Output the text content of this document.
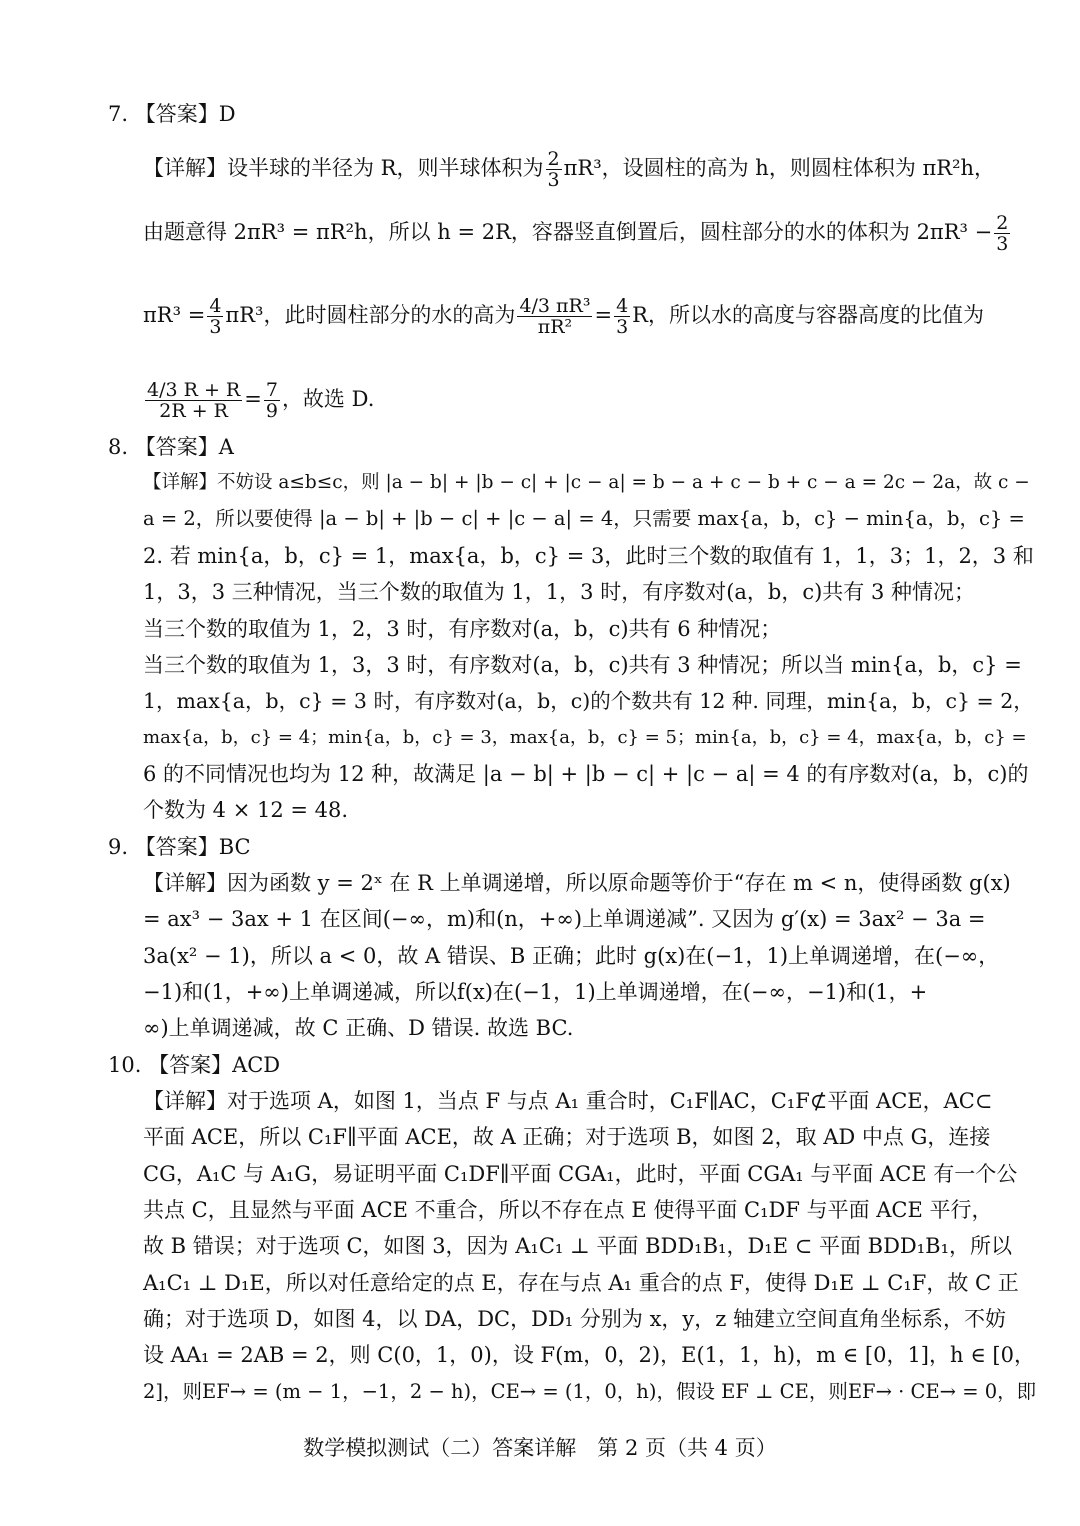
7. 【答案】D
【详解】设半球的半径为 R，则半球体积为 $\frac{2}{3} \pi R^3$，设圆柱的高为 h，则圆柱体积为 πR²h，
由题意得 2πR³ = πR²h，所以 h = 2R，容器竖直倒置后，圆柱部分的水的体积为 $2\pi R^3 - \frac{2}{3}$
$\pi R^3 = \frac{4}{3} \pi R^3$，此时圆柱部分的水的高为 $\frac{\text{4/3 πR³}}{\text{πR²}} = \frac{4}{3}$ R，所以水的高度与容器高度的比值为
$\frac{4/3 R + R}{2R + R} = \frac{7}{9}$ ，故选 D.
8. 【答案】A
【详解】不妨设 a≤b≤c，则 |a − b| + |b − c| + |c − a| = b − a + c − b + c − a = 2c − 2a，故 c −
a = 2，所以要使得 |a − b| + |b − c| + |c − a| = 4，只需要 max{a，b，c} − min{a，b，c} =
2. 若 min{a，b，c} = 1，max{a，b，c} = 3，此时三个数的取值有 1，1，3；1，2，3 和
1，3，3 三种情况，当三个数的取值为 1，1，3 时，有序数对(a，b，c)共有 3 种情况；
当三个数的取值为 1，2，3 时，有序数对(a，b，c)共有 6 种情况；
当三个数的取值为 1，3，3 时，有序数对(a，b，c)共有 3 种情况；所以当 min{a，b，c} =
1，max{a，b，c} = 3 时，有序数对(a，b，c)的个数共有 12 种. 同理，min{a，b，c} = 2，
max{a，b，c} = 4；min{a，b，c} = 3，max{a，b，c} = 5；min{a，b，c} = 4，max{a，b，c} =
6 的不同情况也均为 12 种，故满足 |a − b| + |b − c| + |c − a| = 4 的有序数对(a，b，c)的
个数为 4 × 12 = 48.
9. 【答案】BC
【详解】因为函数 y = 2ˣ 在 R 上单调递增，所以原命题等价于“存在 m < n，使得函数 g(x)
= ax³ − 3ax + 1 在区间(−∞，m)和(n，+∞)上单调递减”. 又因为 g′(x) = 3ax² − 3a =
3a(x² − 1)，所以 a < 0，故 A 错误、B 正确；此时 g(x)在(−1，1)上单调递增，在(−∞，
−1)和(1，+∞)上单调递减，所以f(x)在(−1，1)上单调递增，在(−∞，−1)和(1，+
∞)上单调递减，故 C 正确、D 错误. 故选 BC.
10. 【答案】ACD
【详解】对于选项 A，如图 1，当点 F 与点 A₁ 重合时，C₁F∥AC，C₁F⊄平面 ACE，AC⊂
平面 ACE，所以 C₁F∥平面 ACE，故 A 正确；对于选项 B，如图 2，取 AD 中点 G，连接
CG，A₁C 与 A₁G，易证明平面 C₁DF∥平面 CGA₁，此时，平面 CGA₁ 与平面 ACE 有一个公
共点 C，且显然与平面 ACE 不重合，所以不存在点 E 使得平面 C₁DF 与平面 ACE 平行，
故 B 错误；对于选项 C，如图 3，因为 A₁C₁ ⊥ 平面 BDD₁B₁，D₁E ⊂ 平面 BDD₁B₁，所以
A₁C₁ ⊥ D₁E，所以对任意给定的点 E，存在与点 A₁ 重合的点 F，使得 D₁E ⊥ C₁F，故 C 正
确；对于选项 D，如图 4，以 DA，DC，DD₁ 分别为 x，y，z 轴建立空间直角坐标系，不妨
设 AA₁ = 2AB = 2，则 C(0，1，0)，设 F(m，0，2)，E(1，1，h)，m ∈ [0，1]，h ∈ [0，
2]，则EF→ = (m − 1，−1，2 − h)，CE→ = (1，0，h)，假设 EF ⊥ CE，则EF→ · CE→ = 0，即
数学模拟测试（二）答案详解　第 2 页（共 4 页）
